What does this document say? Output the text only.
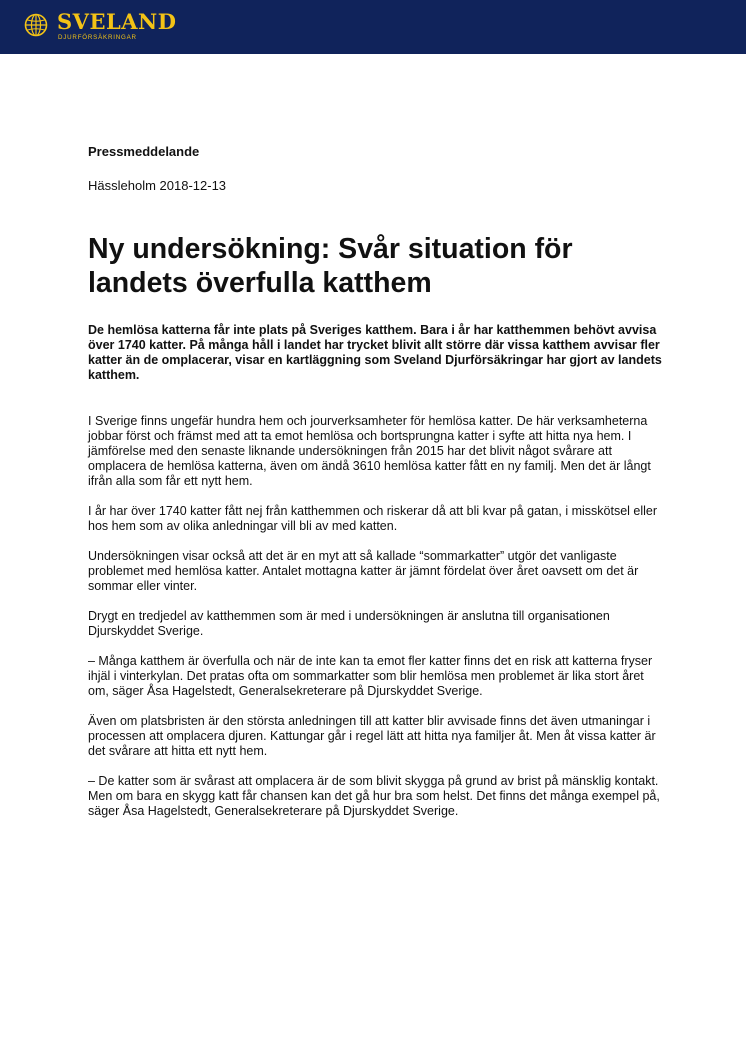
SVELAND
DJURFÖRSÄKRINGAR
Pressmeddelande
Hässleholm 2018-12-13
Ny undersökning: Svår situation för landets överfulla katthem

De hemlösa katterna får inte plats på Sveriges katthem. Bara i år har katthemmen behövt avvisa över 1740 katter. På många håll i landet har trycket blivit allt större där vissa katthem avvisar fler katter än de omplacerar, visar en kartläggning som Sveland Djurförsäkringar har gjort av landets katthem.

I Sverige finns ungefär hundra hem och jourverksamheter för hemlösa katter. De här verksamheterna jobbar först och främst med att ta emot hemlösa och bortsprungna katter i syfte att hitta nya hem. I jämförelse med den senaste liknande undersökningen från 2015 har det blivit något svårare att omplacera de hemlösa katterna, även om ändå 3610 hemlösa katter fått en ny familj. Men det är långt ifrån alla som får ett nytt hem.

I år har över 1740 katter fått nej från katthemmen och riskerar då att bli kvar på gatan, i misskötsel eller hos hem som av olika anledningar vill bli av med katten.

Undersökningen visar också att det är en myt att så kallade “sommarkatter” utgör det vanligaste problemet med hemlösa katter. Antalet mottagna katter är jämnt fördelat över året oavsett om det är sommar eller vinter.

Drygt en tredjedel av katthemmen som är med i undersökningen är anslutna till organisationen Djurskyddet Sverige.

– Många katthem är överfulla och när de inte kan ta emot fler katter finns det en risk att katterna fryser ihjäl i vinterkylan. Det pratas ofta om sommarkatter som blir hemlösa men problemet är lika stort året om, säger Åsa Hagelstedt, Generalsekreterare på Djurskyddet Sverige.

Även om platsbristen är den största anledningen till att katter blir avvisade finns det även utmaningar i processen att omplacera djuren. Kattungar går i regel lätt att hitta nya familjer åt. Men åt vissa katter är det svårare att hitta ett nytt hem.

– De katter som är svårast att omplacera är de som blivit skygga på grund av brist på mänsklig kontakt. Men om bara en skygg katt får chansen kan det gå hur bra som helst. Det finns det många exempel på, säger Åsa Hagelstedt, Generalsekreterare på Djurskyddet Sverige.
